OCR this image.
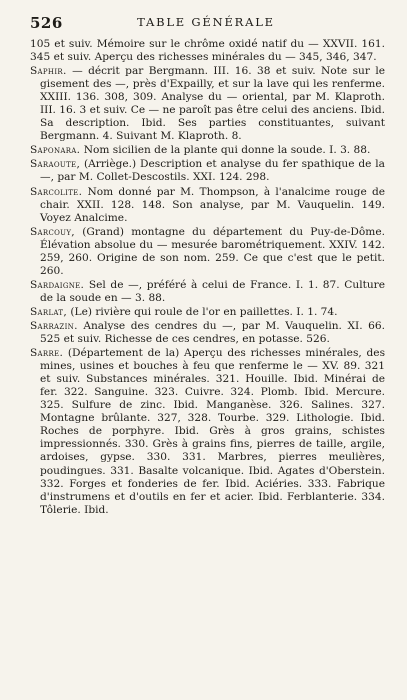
526	TABLE GÉNÉRALE

105 et suiv. Mémoire sur le chrôme oxidé natif du — XXVII. 161. 345 et suiv. Aperçu des richesses minérales du — 345, 346, 347.

Saphir. — décrit par Bergmann. III. 16. 38 et suiv. Note sur le gisement des —, près d'Expailly, et sur la lave qui les renferme. XXIII. 136. 308, 309. Analyse du — oriental, par M. Klaproth. III. 16. 3 et suiv. Ce — ne paroît pas être celui des anciens. Ibid. Sa description. Ibid. Ses parties constituantes, suivant Bergmann. 4. Suivant M. Klaproth. 8.

Saponara. Nom sicilien de la plante qui donne la soude. I. 3. 88.

Saraoute, (Arriège.) Description et analyse du fer spathique de la —, par M. Collet-Descostils. XXI. 124. 298.

Sarcolite. Nom donné par M. Thompson, à l'analcime rouge de chair. XXII. 128. 148. Son analyse, par M. Vauquelin. 149. Voyez Analcime.

Sarcouy, (Grand) montagne du département du Puy-de-Dôme. Élévation absolue du — mesurée barométriquement. XXIV. 142. 259, 260. Origine de son nom. 259. Ce que c'est que le petit. 260.

Sardaigne. Sel de —, préféré à celui de France. I. 1. 87. Culture de la soude en — 3. 88.

Sarlat, (Le) rivière qui roule de l'or en paillettes. I. 1. 74.

Sarrazin. Analyse des cendres du —, par M. Vauquelin. XI. 66. 525 et suiv. Richesse de ces cendres, en potasse. 526.

Sarre. (Département de la) Aperçu des richesses minérales, des mines, usines et bouches à feu que renferme le — XV. 89. 321 et suiv. Substances minérales. 321. Houille. Ibid. Minérai de fer. 322. Sanguine. 323. Cuivre. 324. Plomb. Ibid. Mercure. 325. Sulfure de zinc. Ibid. Manganèse. 326. Salines. 327. Montagne brûlante. 327, 328. Tourbe. 329. Lithologie. Ibid. Roches de porphyre. Ibid. Grès à gros grains, schistes impressionnés. 330. Grès à grains fins, pierres de taille, argile, ardoises, gypse. 330. 331. Marbres, pierres meulières, poudingues. 331. Basalte volcanique. Ibid. Agates d'Oberstein. 332. Forges et fonderies de fer. Ibid. Aciéries. 333. Fabrique d'instrumens et d'outils en fer et acier. Ibid. Ferblanterie. 334. Tôlerie. Ibid.
